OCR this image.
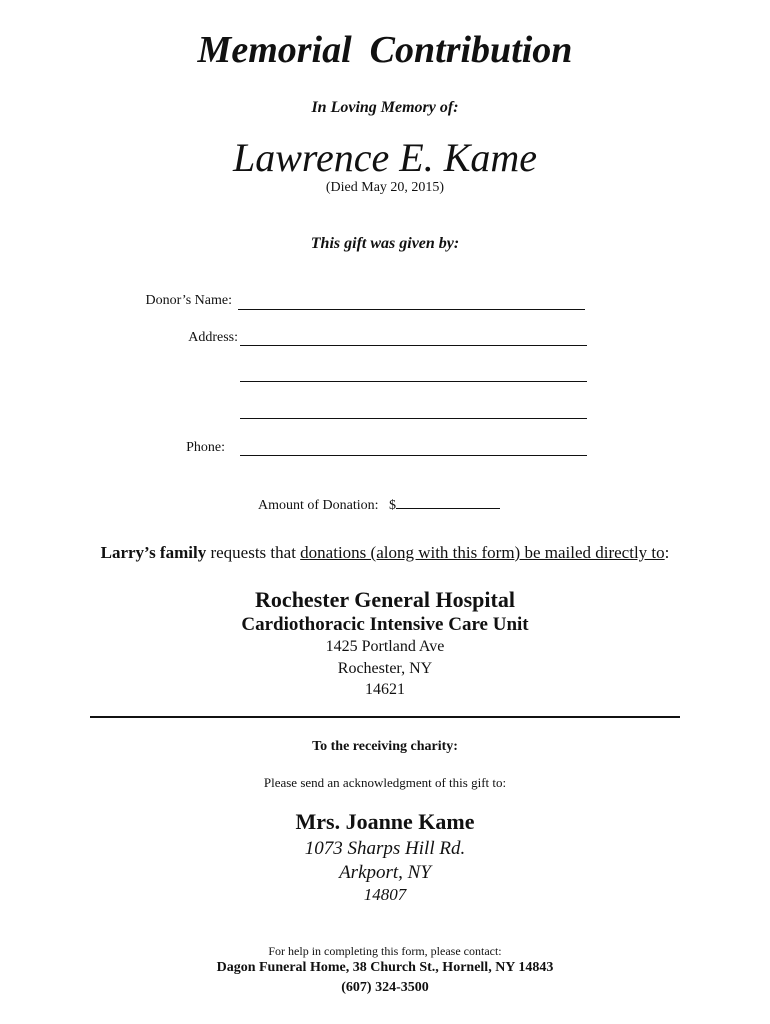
Memorial Contribution
In Loving Memory of:
Lawrence E. Kame
(Died May 20, 2015)
This gift was given by:
Donor’s Name:
Address:
Phone:
Amount of Donation: $
Larry’s family requests that donations (along with this form) be mailed directly to:
Rochester General Hospital
Cardiothoracic Intensive Care Unit
1425 Portland Ave
Rochester, NY
14621
To the receiving charity:
Please send an acknowledgment of this gift to:
Mrs. Joanne Kame
1073 Sharps Hill Rd.
Arkport, NY
14807
For help in completing this form, please contact:
Dagon Funeral Home, 38 Church St., Hornell, NY 14843
(607) 324-3500
